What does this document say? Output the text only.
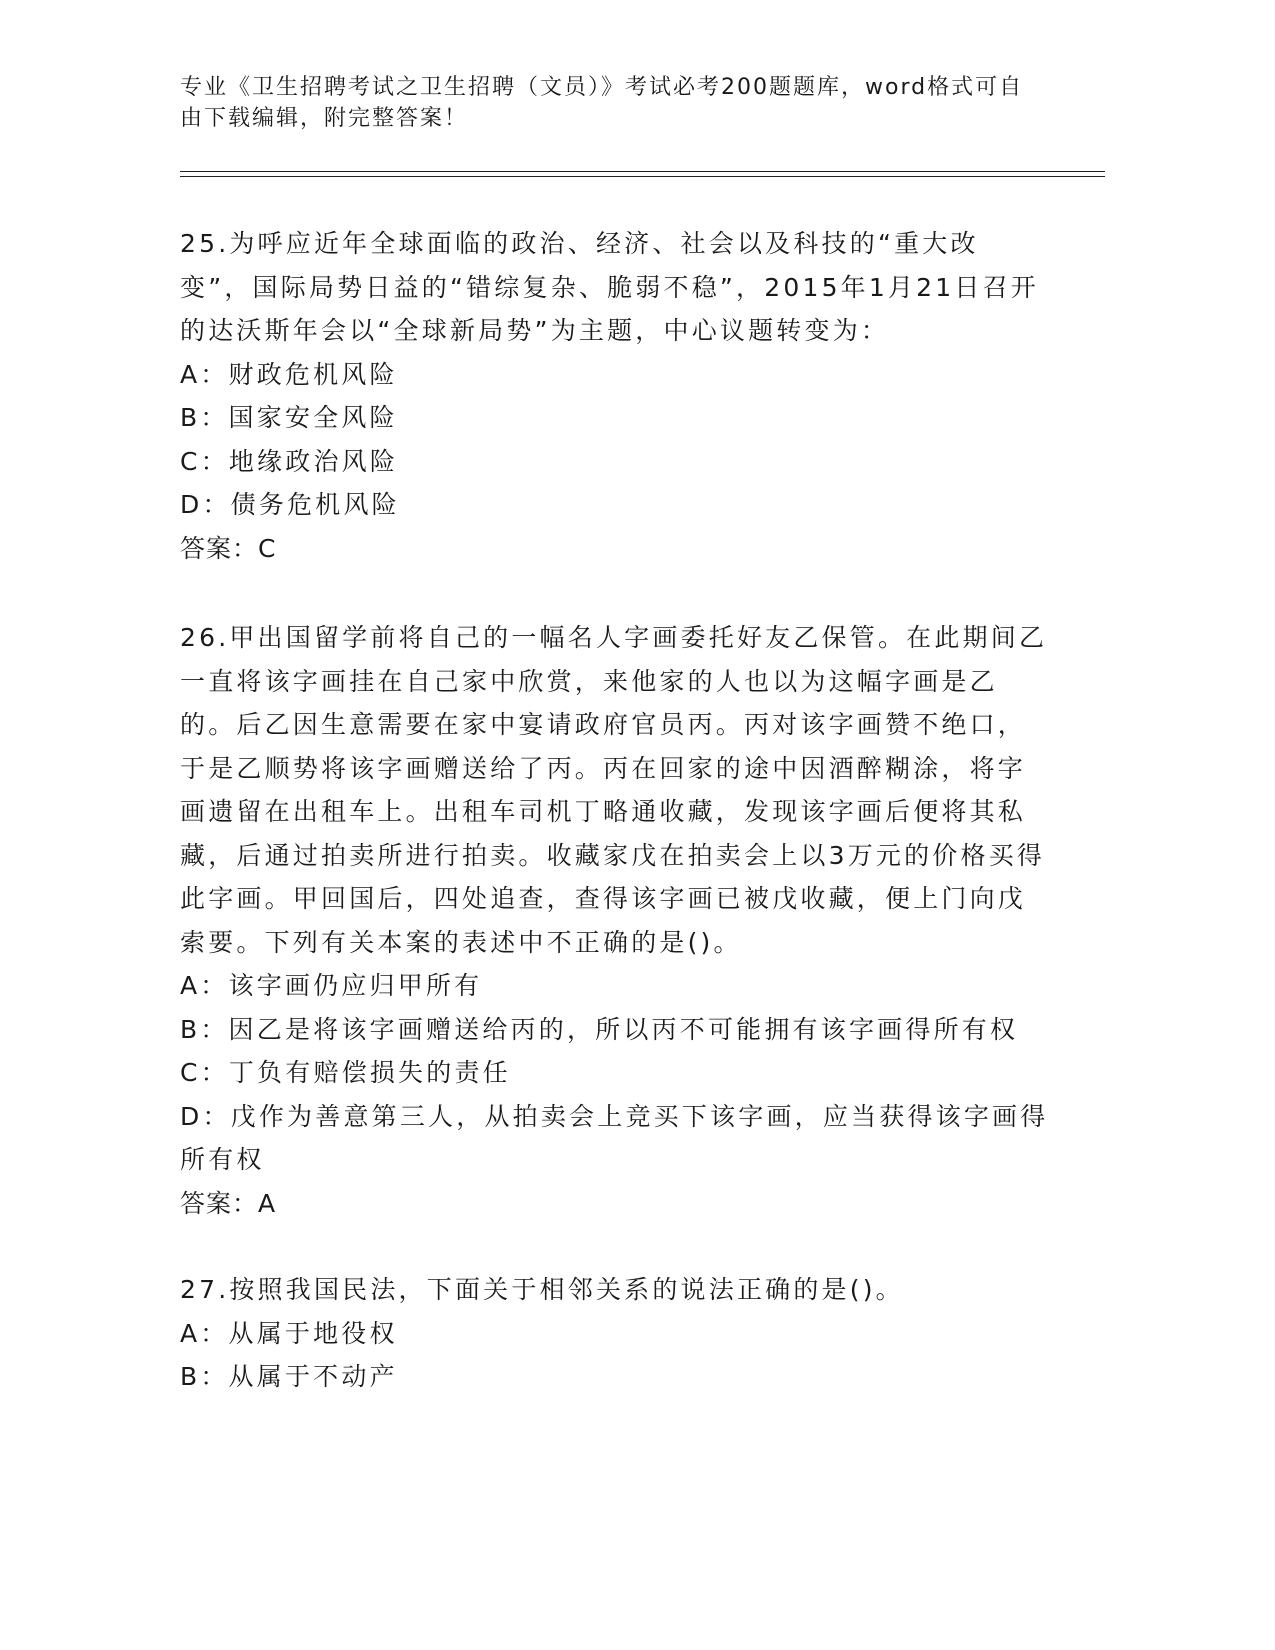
专业《卫生招聘考试之卫生招聘（文员）》考试必考200题题库，word格式可自由下载编辑，附完整答案！
25.为呼应近年全球面临的政治、经济、社会以及科技的“重大改变”，国际局势日益的“错综复杂、脆弱不稳”，2015年1月21日召开的达沃斯年会以“全球新局势”为主题，中心议题转变为：
A：财政危机风险
B：国家安全风险
C：地缘政治风险
D：债务危机风险
答案：C
26.甲出国留学前将自己的一幅名人字画委托好友乙保管。在此期间乙一直将该字画挂在自己家中欣赏，来他家的人也以为这幅字画是乙的。后乙因生意需要在家中宴请政府官员丙。丙对该字画赞不绝口，于是乙顺势将该字画赠送给了丙。丙在回家的途中因酒醉糊涂，将字画遗留在出租车上。出租车司机丁略通收藏，发现该字画后便将其私藏，后通过拍卖所进行拍卖。收藏家戊在拍卖会上以3万元的价格买得此字画。甲回国后，四处追查，查得该字画已被戊收藏，便上门向戊索要。下列有关本案的表述中不正确的是()。
A：该字画仍应归甲所有
B：因乙是将该字画赠送给丙的，所以丙不可能拥有该字画得所有权
C：丁负有赔偿损失的责任
D：戊作为善意第三人，从拍卖会上竞买下该字画，应当获得该字画得所有权
答案：A
27.按照我国民法，下面关于相邻关系的说法正确的是()。
A：从属于地役权
B：从属于不动产
